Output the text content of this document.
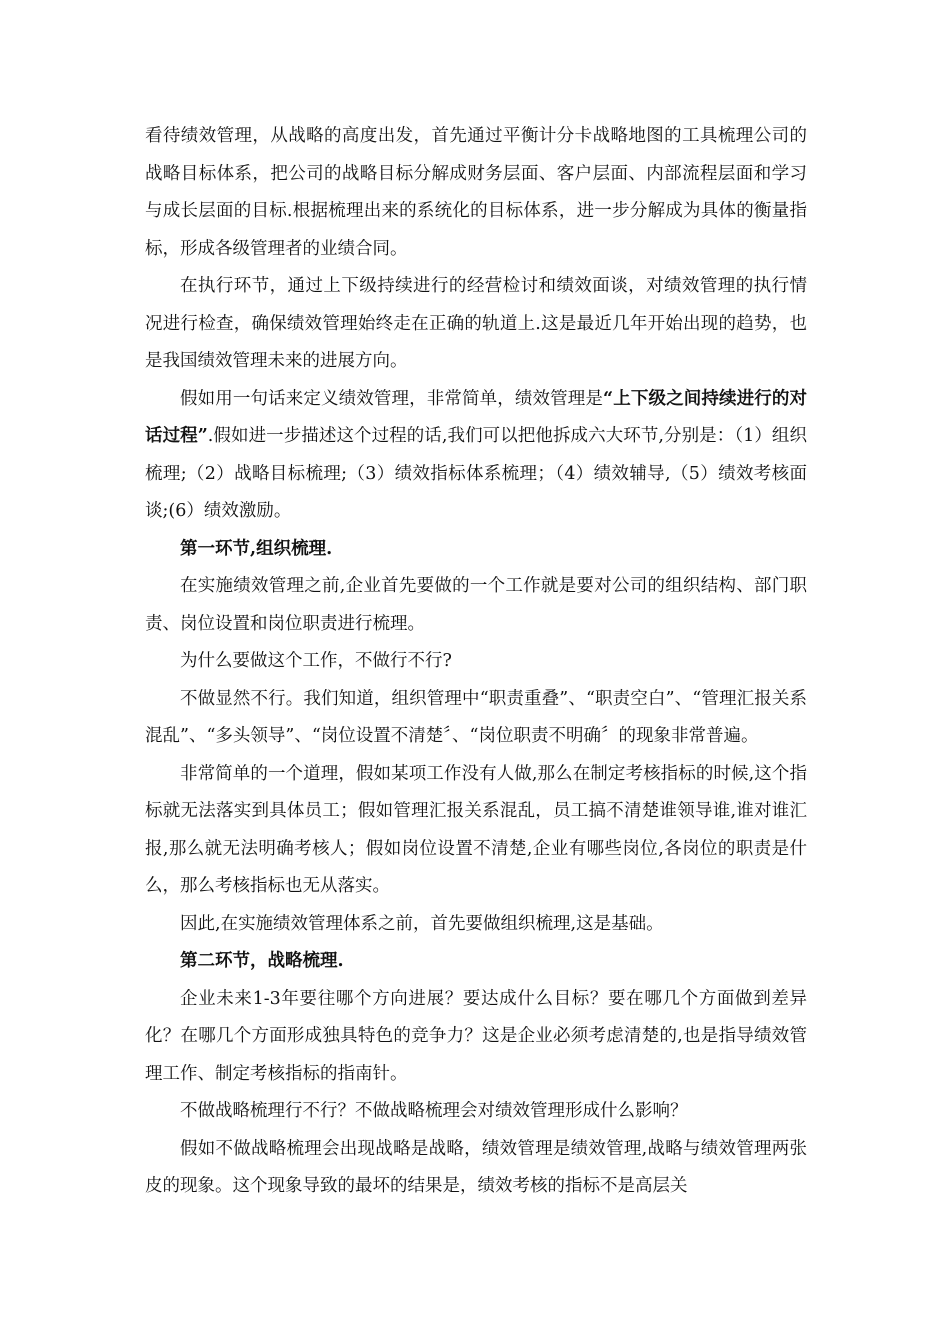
看待绩效管理，从战略的高度出发，首先通过平衡计分卡战略地图的工具梳理公司的战略目标体系，把公司的战略目标分解成财务层面、客户层面、内部流程层面和学习与成长层面的目标.根据梳理出来的系统化的目标体系，进一步分解成为具体的衡量指标，形成各级管理者的业绩合同。

在执行环节，通过上下级持续进行的经营检讨和绩效面谈，对绩效管理的执行情况进行检查，确保绩效管理始终走在正确的轨道上.这是最近几年开始出现的趋势，也是我国绩效管理未来的进展方向。

假如用一句话来定义绩效管理，非常简单，绩效管理是“上下级之间持续进行的对话过程”.假如进一步描述这个过程的话,我们可以把他拆成六大环节,分别是：（1）组织梳理;（2）战略目标梳理;（3）绩效指标体系梳理；（4）绩效辅导,（5）绩效考核面谈;(6）绩效激励。

第一环节,组织梳理.

在实施绩效管理之前,企业首先要做的一个工作就是要对公司的组织结构、部门职责、岗位设置和岗位职责进行梳理。

为什么要做这个工作，不做行不行?

不做显然不行。我们知道，组织管理中“职责重叠”、“职责空白”、“管理汇报关系混乱”、“多头领导”、“岗位设置不清楚〞、“岗位职责不明确〞的现象非常普遍。

非常简单的一个道理，假如某项工作没有人做,那么在制定考核指标的时候,这个指标就无法落实到具体员工；假如管理汇报关系混乱，员工搞不清楚谁领导谁,谁对谁汇报,那么就无法明确考核人；假如岗位设置不清楚,企业有哪些岗位,各岗位的职责是什么，那么考核指标也无从落实。

因此,在实施绩效管理体系之前，首先要做组织梳理,这是基础。

第二环节，战略梳理.

企业未来1-3年要往哪个方向进展？要达成什么目标？要在哪几个方面做到差异化？在哪几个方面形成独具特色的竞争力？这是企业必须考虑清楚的,也是指导绩效管理工作、制定考核指标的指南针。

不做战略梳理行不行？不做战略梳理会对绩效管理形成什么影响？

假如不做战略梳理会出现战略是战略，绩效管理是绩效管理,战略与绩效管理两张皮的现象。这个现象导致的最坏的结果是，绩效考核的指标不是高层关
